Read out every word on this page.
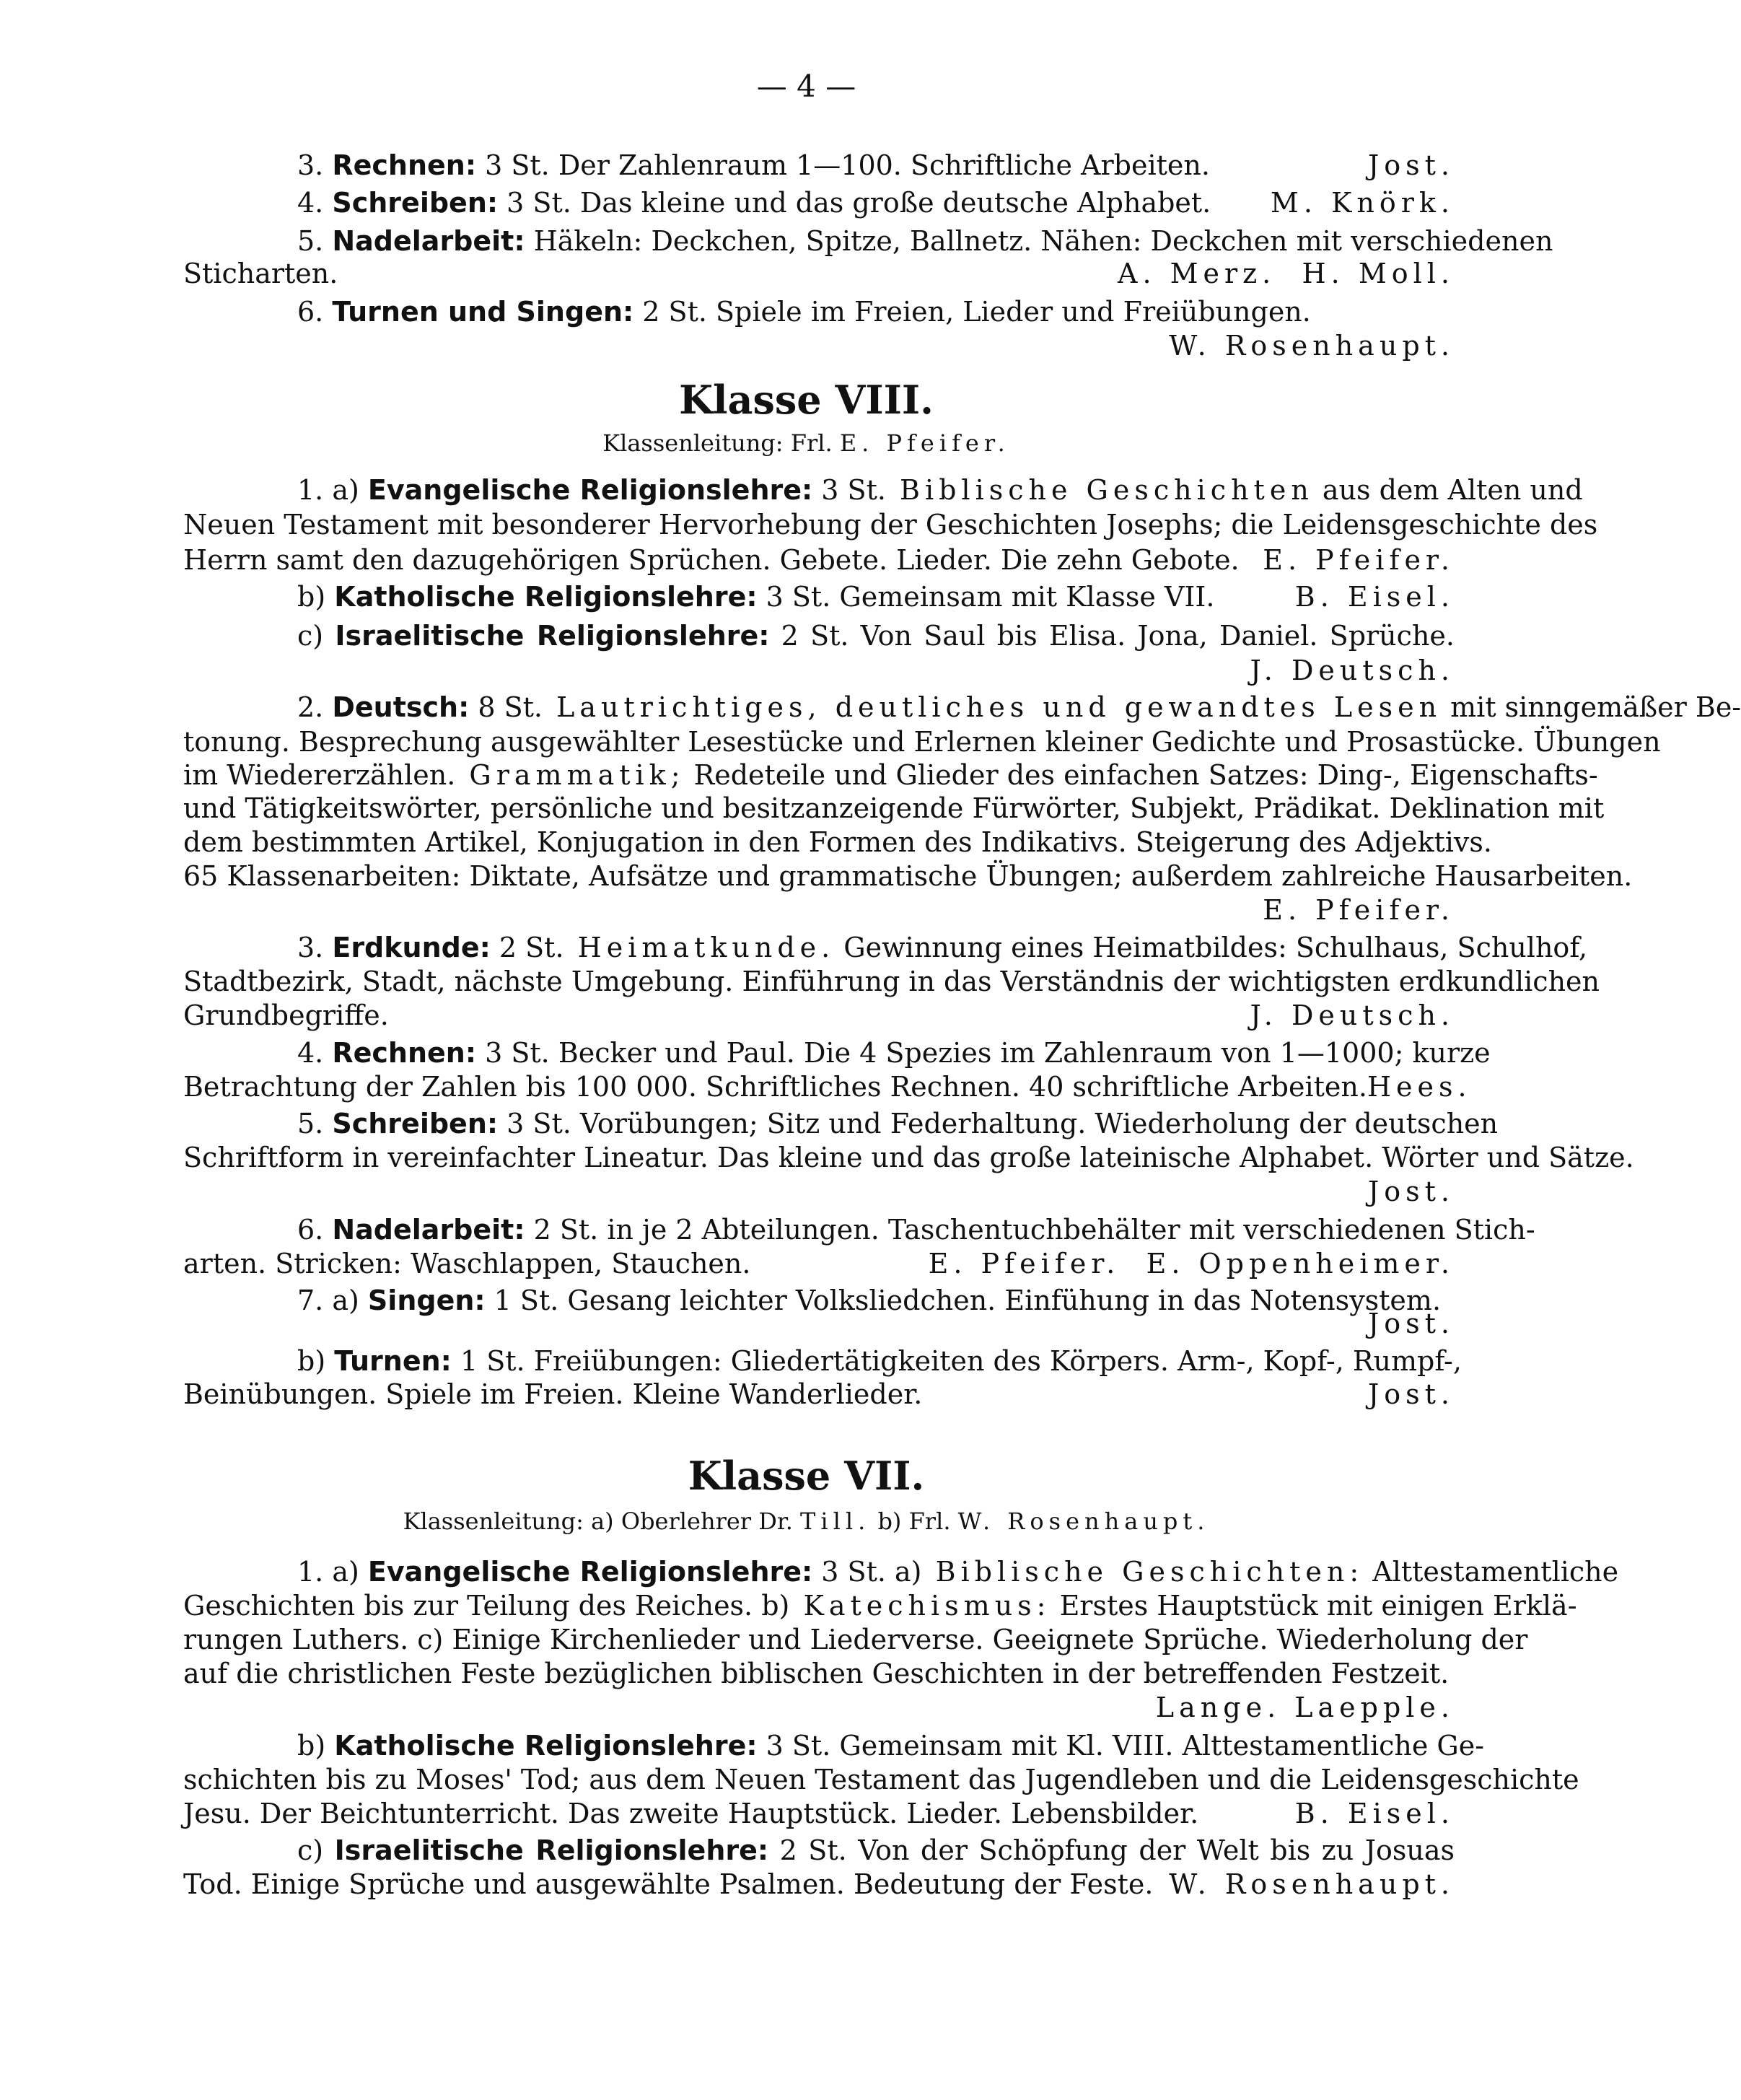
— 4 —
3. Rechnen: 3 St. Der Zahlenraum 1—100. Schriftliche Arbeiten.	Jost.
4. Schreiben: 3 St. Das kleine und das große deutsche Alphabet. M. Knörk.
5. Nadelarbeit: Häkeln: Deckchen, Spitze, Ballnetz. Nähen: Deckchen mit verschiedenen
Sticharten.	A. Merz. H. Moll.
6. Turnen und Singen: 2 St. Spiele im Freien, Lieder und Freiübungen.
W. Rosenhaupt.
Klasse VIII.
Klassenleitung: Frl. E. Pfeifer.
1. a) Evangelische Religionslehre: 3 St. Biblische Geschichten aus dem Alten und
Neuen Testament mit besonderer Hervorhebung der Geschichten Josephs; die Leidensgeschichte des
Herrn samt den dazugehörigen Sprüchen. Gebete. Lieder. Die zehn Gebote. E. Pfeifer.
b) Katholische Religionslehre: 3 St. Gemeinsam mit Klasse VII.	B. Eisel.
c) Israelitische Religionslehre: 2 St. Von Saul bis Elisa. Jona, Daniel. Sprüche.
J. Deutsch.
2. Deutsch: 8 St. Lautrichtiges, deutliches und gewandtes Lesen mit sinngemäßer Be-
tonung. Besprechung ausgewählter Lesestücke und Erlernen kleiner Gedichte und Prosastücke. Übungen
im Wiedererzählen. Grammatik; Redeteile und Glieder des einfachen Satzes: Ding-, Eigenschafts-
und Tätigkeitswörter, persönliche und besitzanzeigende Fürwörter, Subjekt, Prädikat. Deklination mit
dem bestimmten Artikel, Konjugation in den Formen des Indikativs. Steigerung des Adjektivs.
65 Klassenarbeiten: Diktate, Aufsätze und grammatische Übungen; außerdem zahlreiche Hausarbeiten.
E. Pfeifer.
3. Erdkunde: 2 St. Heimatkunde. Gewinnung eines Heimatbildes: Schulhaus, Schulhof,
Stadtbezirk, Stadt, nächste Umgebung. Einführung in das Verständnis der wichtigsten erdkundlichen
Grundbegriffe.	J. Deutsch.
4. Rechnen: 3 St. Becker und Paul. Die 4 Spezies im Zahlenraum von 1—1000; kurze
Betrachtung der Zahlen bis 100 000. Schriftliches Rechnen. 40 schriftliche Arbeiten. Hees.
5. Schreiben: 3 St. Vorübungen; Sitz und Federhaltung. Wiederholung der deutschen
Schriftform in vereinfachter Lineatur. Das kleine und das große lateinische Alphabet. Wörter und Sätze.
Jost.
6. Nadelarbeit: 2 St. in je 2 Abteilungen. Taschentuchbehälter mit verschiedenen Stich-
arten. Stricken: Waschlappen, Stauchen.	E. Pfeifer. E. Oppenheimer.
7. a) Singen: 1 St. Gesang leichter Volksliedchen. Einfühung in das Notensystem.
Jost.
b) Turnen: 1 St. Freiübungen: Gliedertätigkeiten des Körpers. Arm-, Kopf-, Rumpf-,
Beinübungen. Spiele im Freien. Kleine Wanderlieder.	Jost.
Klasse VII.
Klassenleitung: a) Oberlehrer Dr. Till. b) Frl. W. Rosenhaupt.
1. a) Evangelische Religionslehre: 3 St. a) Biblische Geschichten: Alttestamentliche
Geschichten bis zur Teilung des Reiches. b) Katechismus: Erstes Hauptstück mit einigen Erklä-
rungen Luthers. c) Einige Kirchenlieder und Liederverse. Geeignete Sprüche. Wiederholung der
auf die christlichen Feste bezüglichen biblischen Geschichten in der betreffenden Festzeit.
Lange. Laepple.
b) Katholische Religionslehre: 3 St. Gemeinsam mit Kl. VIII. Alttestamentliche Ge-
schichten bis zu Moses' Tod; aus dem Neuen Testament das Jugendleben und die Leidensgeschichte
Jesu. Der Beichtunterricht. Das zweite Hauptstück. Lieder. Lebensbilder.	B. Eisel.
c) Israelitische Religionslehre: 2 St. Von der Schöpfung der Welt bis zu Josuas
Tod. Einige Sprüche und ausgewählte Psalmen. Bedeutung der Feste. W. Rosenhaupt.
